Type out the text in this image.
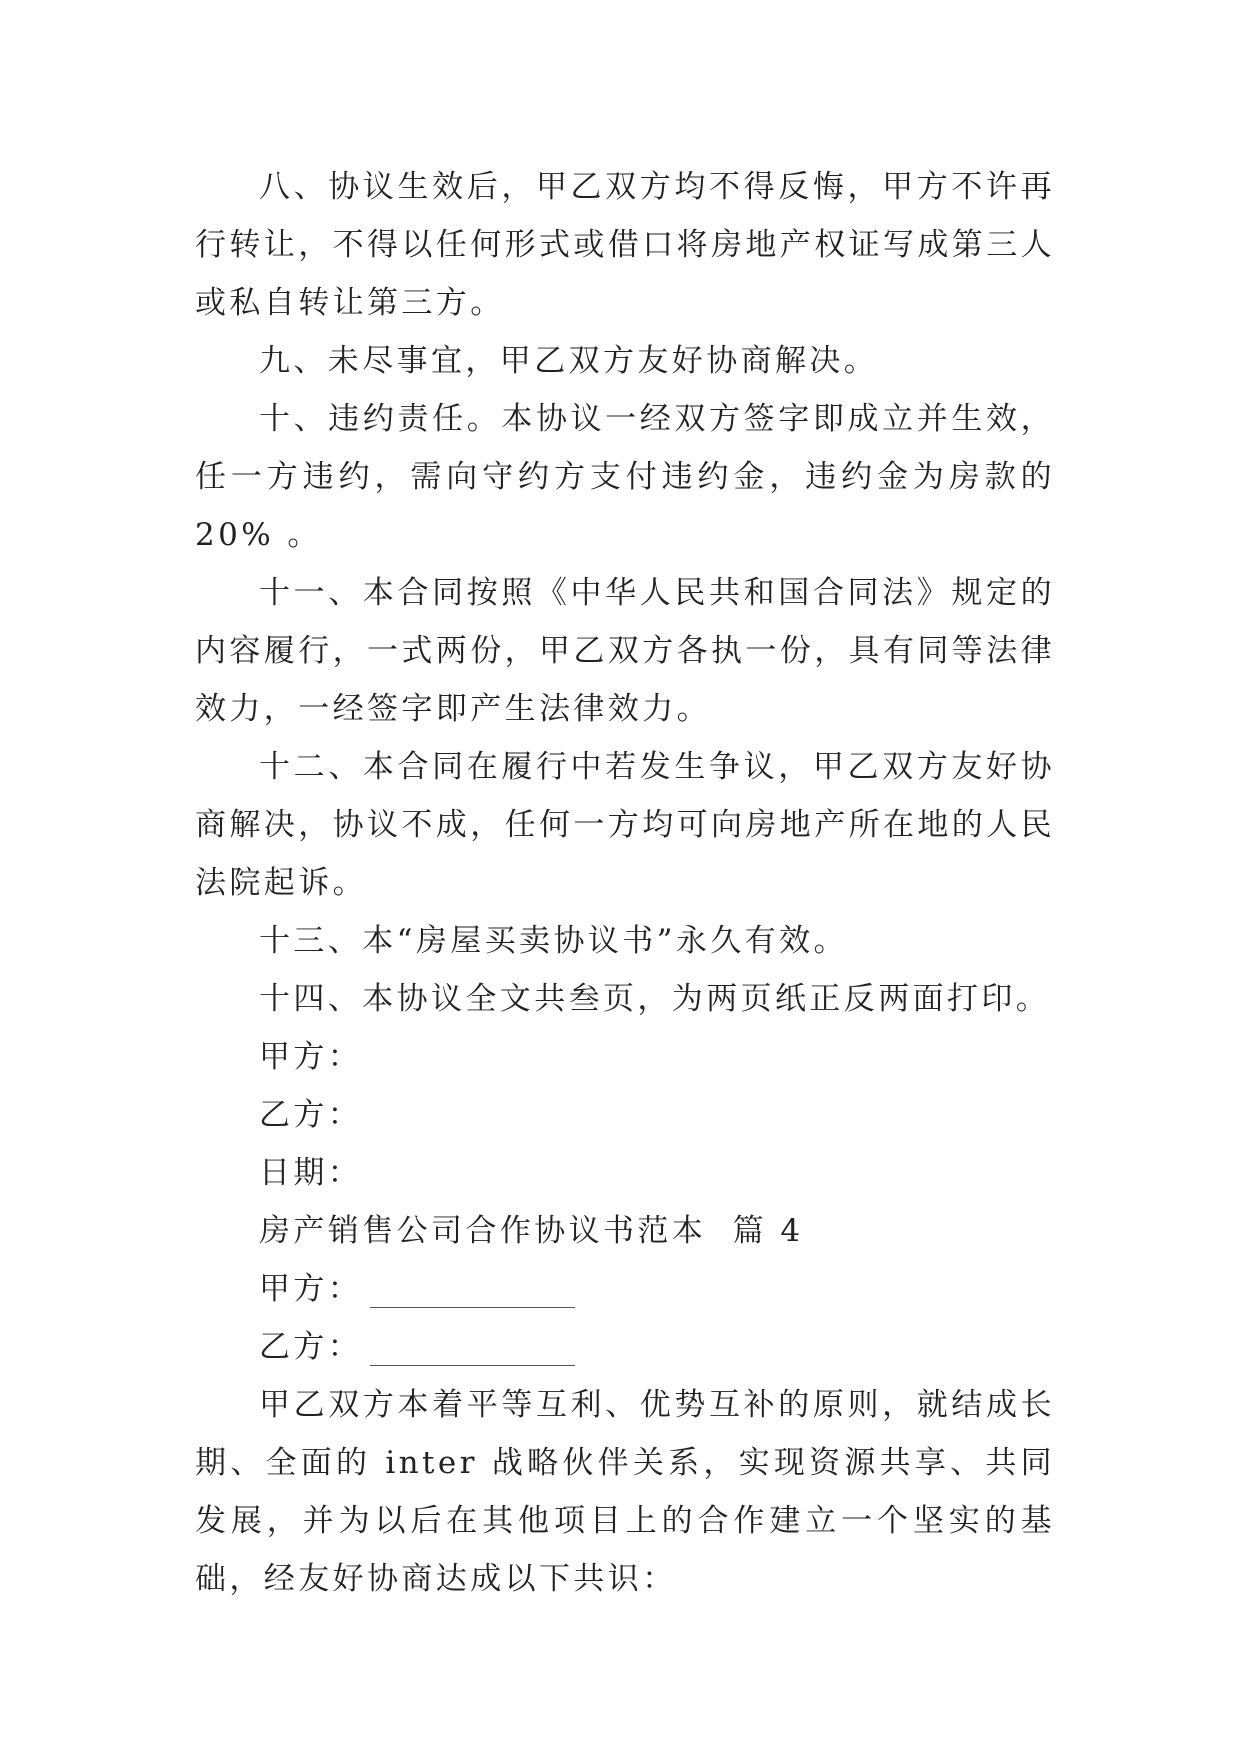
八、协议生效后，甲乙双方均不得反悔，甲方不许再行转让，不得以任何形式或借口将房地产权证写成第三人或私自转让第三方。

九、未尽事宜，甲乙双方友好协商解决。

十、违约责任。本协议一经双方签字即成立并生效，任一方违约，需向守约方支付违约金，违约金为房款的 20% 。

十一、本合同按照《中华人民共和国合同法》规定的内容履行，一式两份，甲乙双方各执一份，具有同等法律效力，一经签字即产生法律效力。

十二、本合同在履行中若发生争议，甲乙双方友好协商解决，协议不成，任何一方均可向房地产所在地的人民法院起诉。

十三、本“房屋买卖协议书”永久有效。

十四、本协议全文共叁页，为两页纸正反两面打印。

甲方：

乙方：

日期：

房产销售公司合作协议书范本  篇 4

甲方：

乙方：

甲乙双方本着平等互利、优势互补的原则，就结成长期、全面的 inter 战略伙伴关系，实现资源共享、共同发展，并为以后在其他项目上的合作建立一个坚实的基础，经友好协商达成以下共识：
